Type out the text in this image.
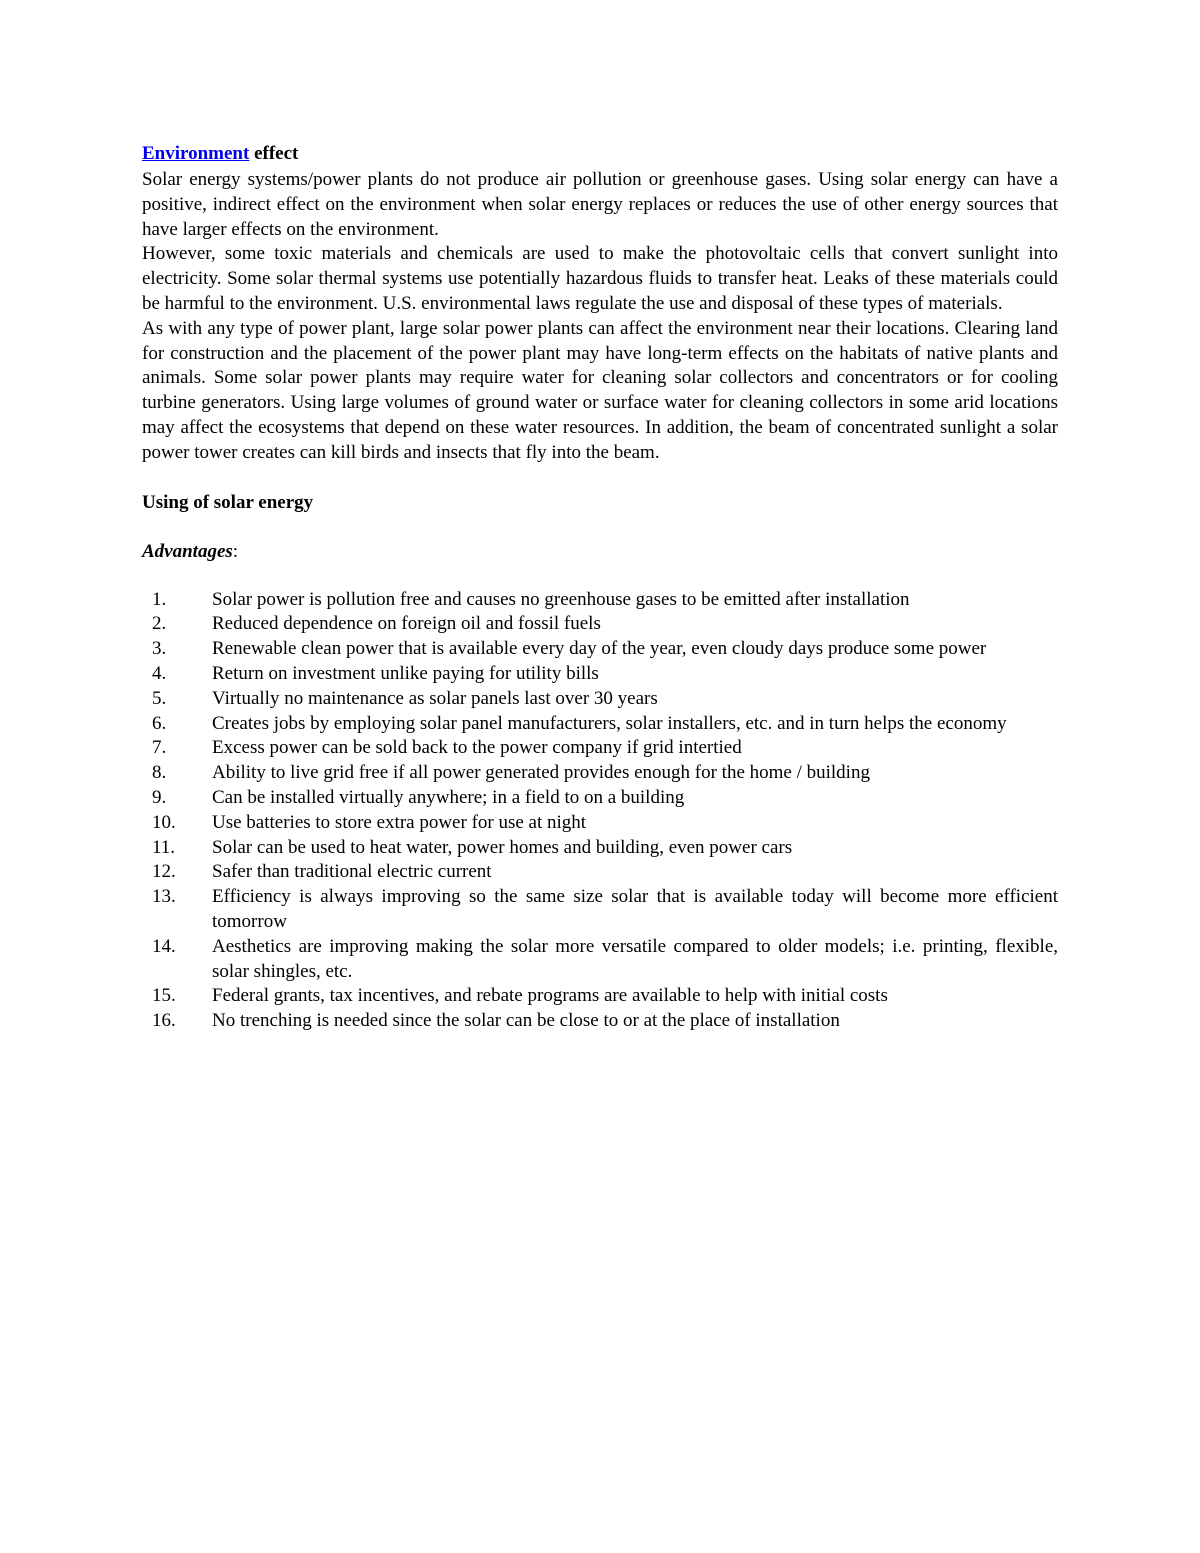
Environment effect

Solar energy systems/power plants do not produce air pollution or greenhouse gases. Using solar energy can have a positive, indirect effect on the environment when solar energy replaces or reduces the use of other energy sources that have larger effects on the environment.

However, some toxic materials and chemicals are used to make the photovoltaic cells that convert sunlight into electricity. Some solar thermal systems use potentially hazardous fluids to transfer heat. Leaks of these materials could be harmful to the environment. U.S. environmental laws regulate the use and disposal of these types of materials.

As with any type of power plant, large solar power plants can affect the environment near their locations. Clearing land for construction and the placement of the power plant may have long-term effects on the habitats of native plants and animals. Some solar power plants may require water for cleaning solar collectors and concentrators or for cooling turbine generators. Using large volumes of ground water or surface water for cleaning collectors in some arid locations may affect the ecosystems that depend on these water resources. In addition, the beam of concentrated sunlight a solar power tower creates can kill birds and insects that fly into the beam.

Using of solar energy

Advantages:

1.	Solar power is pollution free and causes no greenhouse gases to be emitted after installation
2.	Reduced dependence on foreign oil and fossil fuels
3.	Renewable clean power that is available every day of the year, even cloudy days produce some power
4.	Return on investment unlike paying for utility bills
5.	Virtually no maintenance as solar panels last over 30 years
6.	Creates jobs by employing solar panel manufacturers, solar installers, etc. and in turn helps the economy
7.	Excess power can be sold back to the power company if grid intertied
8.	Ability to live grid free if all power generated provides enough for the home / building
9.	Can be installed virtually anywhere; in a field to on a building
10.	Use batteries to store extra power for use at night
11.	Solar can be used to heat water, power homes and building, even power cars
12.	Safer than traditional electric current
13.	Efficiency is always improving so the same size solar that is available today will become more efficient tomorrow
14.	Aesthetics are improving making the solar more versatile compared to older models; i.e. printing, flexible, solar shingles, etc.
15.	Federal grants, tax incentives, and rebate programs are available to help with initial costs
16.	No trenching is needed since the solar can be close to or at the place of installation
